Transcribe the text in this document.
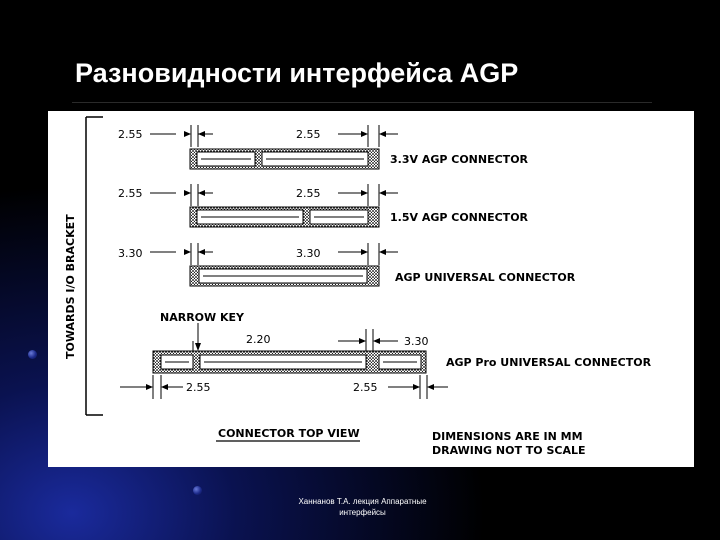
Разновидности интерфейса AGP
TOWARDS I/O BRACKET
2.55	2.55
3.3V AGP CONNECTOR
2.55	2.55
1.5V AGP CONNECTOR
3.30	3.30
AGP UNIVERSAL CONNECTOR
NARROW KEY
2.20	3.30
2.55	2.55
AGP Pro UNIVERSAL CONNECTOR
CONNECTOR TOP VIEW	DIMENSIONS ARE IN MM
DRAWING NOT TO SCALE
Ханнанов Т.А. лекция Аппаратные
интерфейсы
